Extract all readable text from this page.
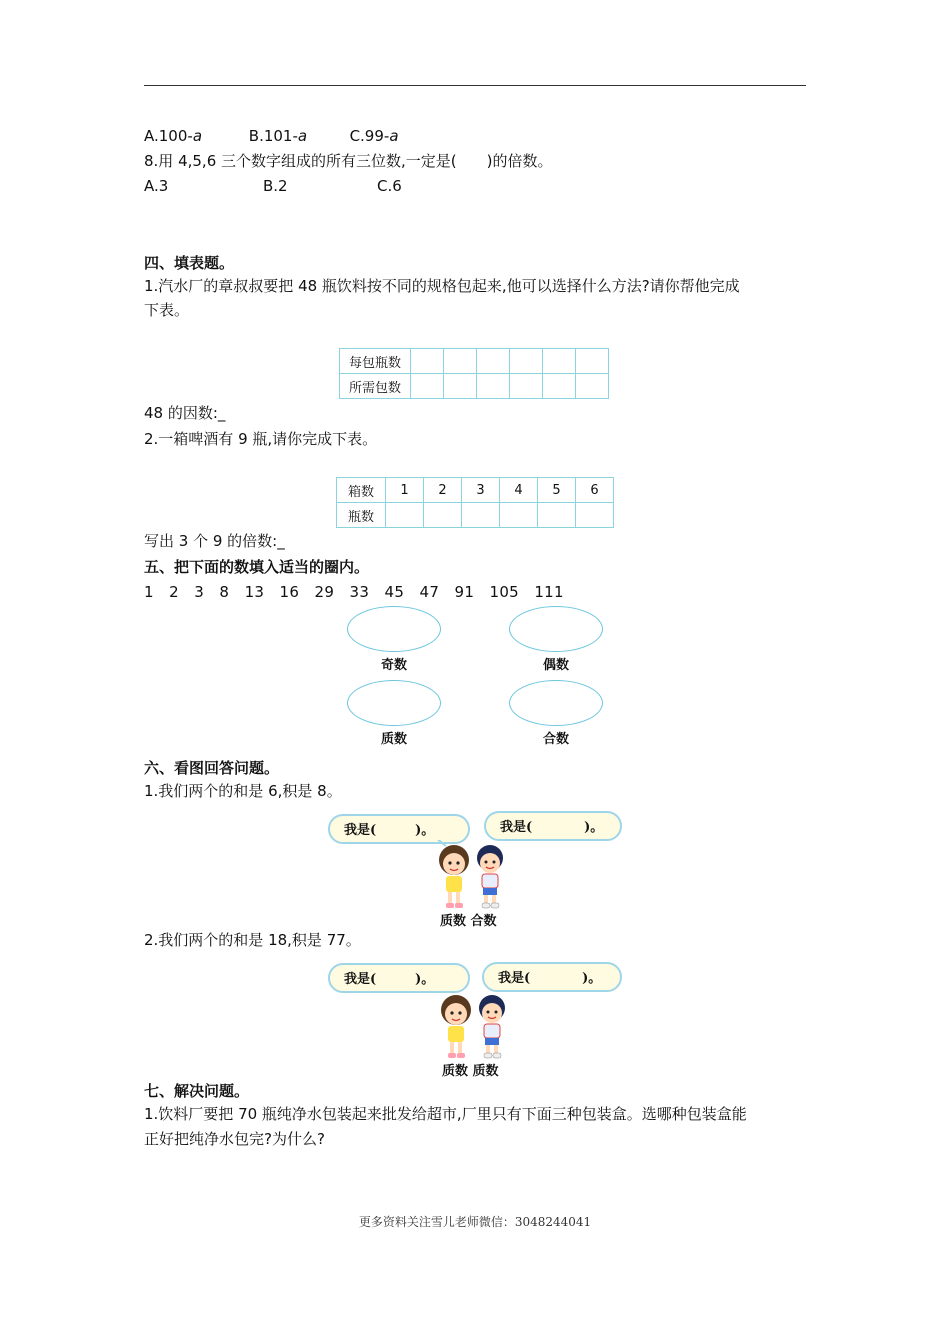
A.100-a	B.101-a	C.99-a
8.用 4,5,6 三个数字组成的所有三位数,一定是(　　)的倍数。
A.3	B.2	C.6
四、填表题。
1.汽水厂的章叔叔要把 48 瓶饮料按不同的规格包起来,他可以选择什么方法?请你帮他完成
下表。
每包瓶数						
所需包数						
48 的因数:_
2.一箱啤酒有 9 瓶,请你完成下表。
箱数	1	2	3	4	5	6
瓶数						
写出 3 个 9 的倍数:_
五、把下面的数填入适当的圈内。
1　2　3　8　13　16　29　33　45　47　91　105　111
奇数	偶数
质数	合数
六、看图回答问题。
1.我们两个的和是 6,积是 8。
我是(　　　)。	我是(　　　　)。
质数 合数
2.我们两个的和是 18,积是 77。
我是(　　　)。	我是(　　　　)。
质数 质数
七、解决问题。
1.饮料厂要把 70 瓶纯净水包装起来批发给超市,厂里只有下面三种包装盒。选哪种包装盒能
正好把纯净水包完?为什么?
更多资料关注雪儿老师微信：3048244041
